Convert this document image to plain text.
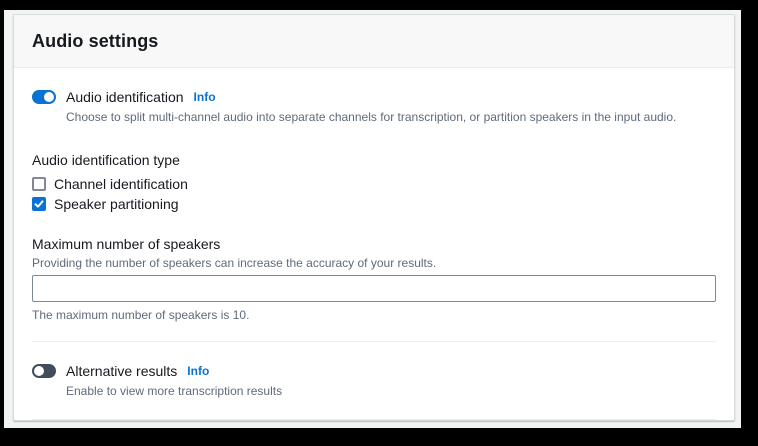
Audio settings
Audio identification Info
Choose to split multi-channel audio into separate channels for transcription, or partition speakers in the input audio.
Audio identification type
Channel identification
Speaker partitioning
Maximum number of speakers
Providing the number of speakers can increase the accuracy of your results.
The maximum number of speakers is 10.
Alternative results Info
Enable to view more transcription results
